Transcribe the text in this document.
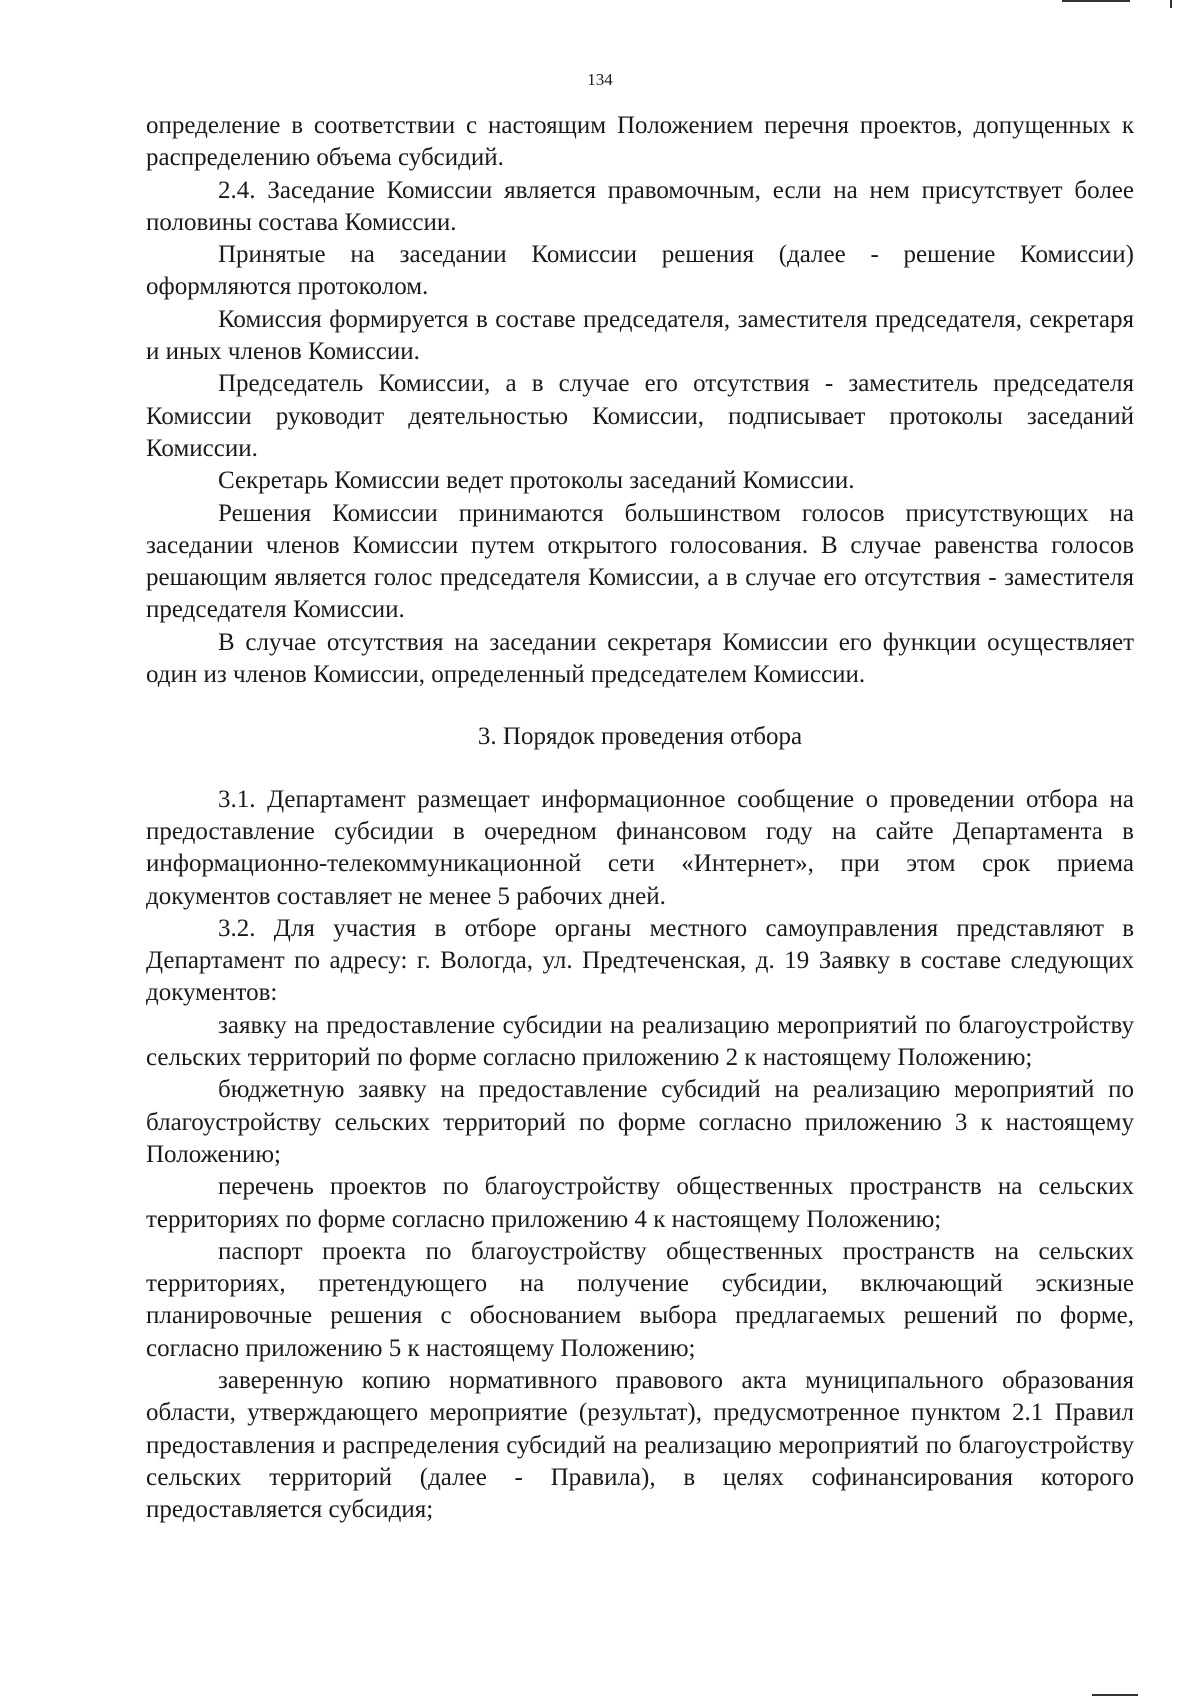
134

определение в соответствии с настоящим Положением перечня проектов, допущенных к распределению объема субсидий.

2.4. Заседание Комиссии является правомочным, если на нем присутствует более половины состава Комиссии.

Принятые на заседании Комиссии решения (далее - решение Комиссии) оформляются протоколом.

Комиссия формируется в составе председателя, заместителя председателя, секретаря и иных членов Комиссии.

Председатель Комиссии, а в случае его отсутствия - заместитель председателя Комиссии руководит деятельностью Комиссии, подписывает протоколы заседаний Комиссии.

Секретарь Комиссии ведет протоколы заседаний Комиссии.

Решения Комиссии принимаются большинством голосов присутствующих на заседании членов Комиссии путем открытого голосования. В случае равенства голосов решающим является голос председателя Комиссии, а в случае его отсутствия - заместителя председателя Комиссии.

В случае отсутствия на заседании секретаря Комиссии его функции осуществляет один из членов Комиссии, определенный председателем Комиссии.

3. Порядок проведения отбора

3.1. Департамент размещает информационное сообщение о проведении отбора на предоставление субсидии в очередном финансовом году на сайте Департамента в информационно-телекоммуникационной сети «Интернет», при этом срок приема документов составляет не менее 5 рабочих дней.

3.2. Для участия в отборе органы местного самоуправления представляют в Департамент по адресу: г. Вологда, ул. Предтеченская, д. 19 Заявку в составе следующих документов:

заявку на предоставление субсидии на реализацию мероприятий по благоустройству сельских территорий по форме согласно приложению 2 к настоящему Положению;

бюджетную заявку на предоставление субсидий на реализацию мероприятий по благоустройству сельских территорий по форме согласно приложению 3 к настоящему Положению;

перечень проектов по благоустройству общественных пространств на сельских территориях по форме согласно приложению 4 к настоящему Положению;

паспорт проекта по благоустройству общественных пространств на сельских территориях, претендующего на получение субсидии, включающий эскизные планировочные решения с обоснованием выбора предлагаемых решений по форме, согласно приложению 5 к настоящему Положению;

заверенную копию нормативного правового акта муниципального образования области, утверждающего мероприятие (результат), предусмотренное пунктом 2.1 Правил предоставления и распределения субсидий на реализацию мероприятий по благоустройству сельских территорий (далее - Правила), в целях софинансирования которого предоставляется субсидия;
